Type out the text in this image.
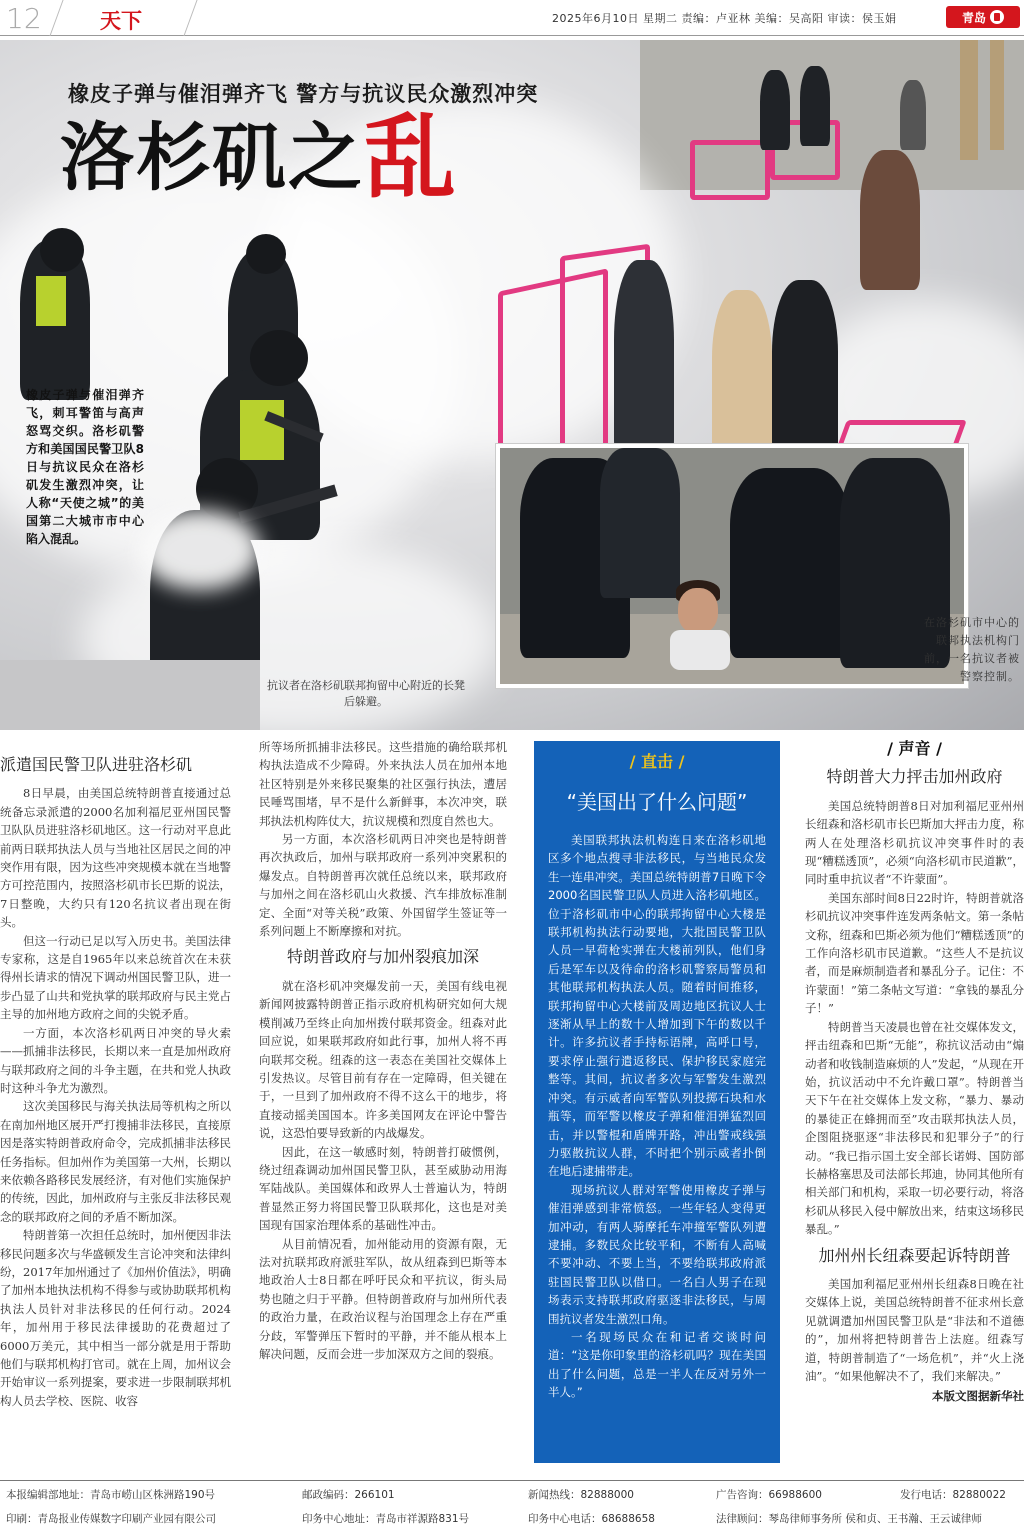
12	天下	2025年6月10日 星期二 责编：卢亚林 美编：吴高阳 审读：侯玉娟	青岛
橡皮子弹与催泪弹齐飞 警方与抗议民众激烈冲突
洛杉矶之乱
橡皮子弹与催泪弹齐飞，刺耳警笛与高声怒骂交织。洛杉矶警方和美国国民警卫队8日与抗议民众在洛杉矶发生激烈冲突，让人称“天使之城”的美国第二大城市市中心陷入混乱。
抗议者在洛杉矶联邦拘留中心附近的长凳后躲避。
在洛杉矶市中心的联邦执法机构门前，一名抗议者被警察控制。
派遣国民警卫队进驻洛杉矶

8日早晨，由美国总统特朗普直接通过总统备忘录派遣的2000名加利福尼亚州国民警卫队队员进驻洛杉矶地区。这一行动对平息此前两日联邦执法人员与当地社区居民之间的冲突作用有限，因为这些冲突规模本就在当地警方可控范围内，按照洛杉矶市长巴斯的说法，7日整晚，大约只有120名抗议者出现在街头。

但这一行动已足以写入历史书。美国法律专家称，这是自1965年以来总统首次在未获得州长请求的情况下调动州国民警卫队，进一步凸显了山共和党执掌的联邦政府与民主党占主导的加州地方政府之间的尖锐矛盾。

一方面，本次洛杉矶两日冲突的导火索——抓捕非法移民，长期以来一直是加州政府与联邦政府之间的斗争主题，在共和党人执政时这种斗争尤为激烈。

这次美国移民与海关执法局等机构之所以在南加州地区展开严打搜捕非法移民，直接原因是落实特朗普政府命令，完成抓捕非法移民任务指标。但加州作为美国第一大州，长期以来依赖各路移民发展经济，有对他们实施保护的传统，因此，加州政府与主张反非法移民观念的联邦政府之间的矛盾不断加深。

特朗普第一次担任总统时，加州便因非法移民问题多次与华盛顿发生言论冲突和法律纠纷，2017年加州通过了《加州价值法》，明确了加州本地执法机构不得参与或协助联邦机构执法人员针对非法移民的任何行动。2024年，加州用于移民法律援助的花费超过了6000万美元，其中相当一部分就是用于帮助他们与联邦机构打官司。就在上周，加州议会开始审议一系列提案，要求进一步限制联邦机构人员去学校、医院、收容

所等场所抓捕非法移民。这些措施的确给联邦机构执法造成不少障碍。外来执法人员在加州本地社区特别是外来移民聚集的社区强行执法，遭居民唾骂围堵，早不是什么新鲜事，本次冲突，联邦执法机构阵仗大，抗议规模和烈度自然也大。

另一方面，本次洛杉矶两日冲突也是特朗普再次执政后，加州与联邦政府一系列冲突累积的爆发点。自特朗普再次就任总统以来，联邦政府与加州之间在洛杉矶山火救援、汽车排放标准制定、全面“对等关税”政策、外国留学生签证等一系列问题上不断摩擦和对抗。

特朗普政府与加州裂痕加深

就在洛杉矶冲突爆发前一天，美国有线电视新闻网披露特朗普正指示政府机构研究如何大规模削减乃至终止向加州拨付联邦资金。纽森对此回应说，如果联邦政府如此行事，加州人将不再向联邦交税。纽森的这一表态在美国社交媒体上引发热议。尽管目前有存在一定障碍，但关键在于，一旦到了加州政府不得不这么干的地步，将直接动摇美国国本。许多美国网友在评论中警告说，这恐怕要导致新的内战爆发。

因此，在这一敏感时刻，特朗普打破惯例，绕过纽森调动加州国民警卫队，甚至威胁动用海军陆战队。美国媒体和政界人士普遍认为，特朗普显然正努力将国民警卫队联邦化，这也是对美国现有国家治理体系的基础性冲击。

从目前情况看，加州能动用的资源有限，无法对抗联邦政府派驻军队，故从纽森到巴斯等本地政治人士8日都在呼吁民众和平抗议，街头局势也随之归于平静。但特朗普政府与加州所代表的政治力量，在政治议程与治国理念上存在严重分歧，军警弹压下暂时的平静，并不能从根本上解决问题，反而会进一步加深双方之间的裂痕。

/ 直击 /
“美国出了什么问题”

美国联邦执法机构连日来在洛杉矶地区多个地点搜寻非法移民，与当地民众发生一连串冲突。美国总统特朗普7日晚下令2000名国民警卫队人员进入洛杉矶地区。位于洛杉矶市中心的联邦拘留中心大楼是联邦机构执法行动要地，大批国民警卫队人员一早荷枪实弹在大楼前列队，他们身后是军车以及待命的洛杉矶警察局警员和其他联邦机构执法人员。随着时间推移，联邦拘留中心大楼前及周边地区抗议人士逐渐从早上的数十人增加到下午的数以千计。许多抗议者手持标语牌，高呼口号，要求停止强行遣返移民、保护移民家庭完整等。其间，抗议者多次与军警发生激烈冲突。有示威者向军警队列投掷石块和水瓶等，而军警以橡皮子弹和催泪弹猛烈回击，并以警棍和盾牌开路，冲出警戒线强力驱散抗议人群，不时把个别示威者扑倒在地后逮捕带走。

现场抗议人群对军警使用橡皮子弹与催泪弹感到非常愤怒。一些年轻人变得更加冲动，有两人骑摩托车冲撞军警队列遭逮捕。多数民众比较平和，不断有人高喊不要冲动、不要上当，不要给联邦政府派驻国民警卫队以借口。一名白人男子在现场表示支持联邦政府驱逐非法移民，与周围抗议者发生激烈口角。

一名现场民众在和记者交谈时问道：“这是你印象里的洛杉矶吗？现在美国出了什么问题，总是一半人在反对另外一半人。”

/ 声音 /
特朗普大力抨击加州政府

美国总统特朗普8日对加利福尼亚州州长纽森和洛杉矶市长巴斯加大抨击力度，称两人在处理洛杉矶抗议冲突事件时的表现“糟糕透顶”，必须“向洛杉矶市民道歉”，同时重申抗议者“不许蒙面”。

美国东部时间8日22时许，特朗普就洛杉矶抗议冲突事件连发两条帖文。第一条帖文称，纽森和巴斯必须为他们“糟糕透顶”的工作向洛杉矶市民道歉。“这些人不是抗议者，而是麻烦制造者和暴乱分子。记住：不许蒙面！”第二条帖文写道：“拿钱的暴乱分子！”

特朗普当天凌晨也曾在社交媒体发文，抨击纽森和巴斯“无能”，称抗议活动由“煽动者和收钱制造麻烦的人”发起，“从现在开始，抗议活动中不允许戴口罩”。特朗普当天下午在社交媒体上发文称，“暴力、暴动的暴徒正在蜂拥而至”攻击联邦执法人员，企图阻挠驱逐“非法移民和犯罪分子”的行动。“我已指示国土安全部长诺姆、国防部长赫格塞思及司法部长邦迪，协同其他所有相关部门和机构，采取一切必要行动，将洛杉矶从移民入侵中解放出来，结束这场移民暴乱。”

加州州长纽森要起诉特朗普

美国加利福尼亚州州长纽森8日晚在社交媒体上说，美国总统特朗普不征求州长意见就调遣加州国民警卫队是“非法和不道德的”，加州将把特朗普告上法庭。纽森写道，特朗普制造了“一场危机”，并“火上浇油”。“如果他解决不了，我们来解决。”

本版文图据新华社
本报编辑部地址：青岛市崂山区株洲路190号
印刷：青岛报业传媒数字印刷产业园有限公司
邮政编码：266101
印务中心地址：青岛市祥源路831号
新闻热线：82888000
印务中心电话：68688658
广告咨询：66988600
法律顾问：琴岛律师事务所 侯和贞、王书瀚、王云诚律师
发行电话：82880022
